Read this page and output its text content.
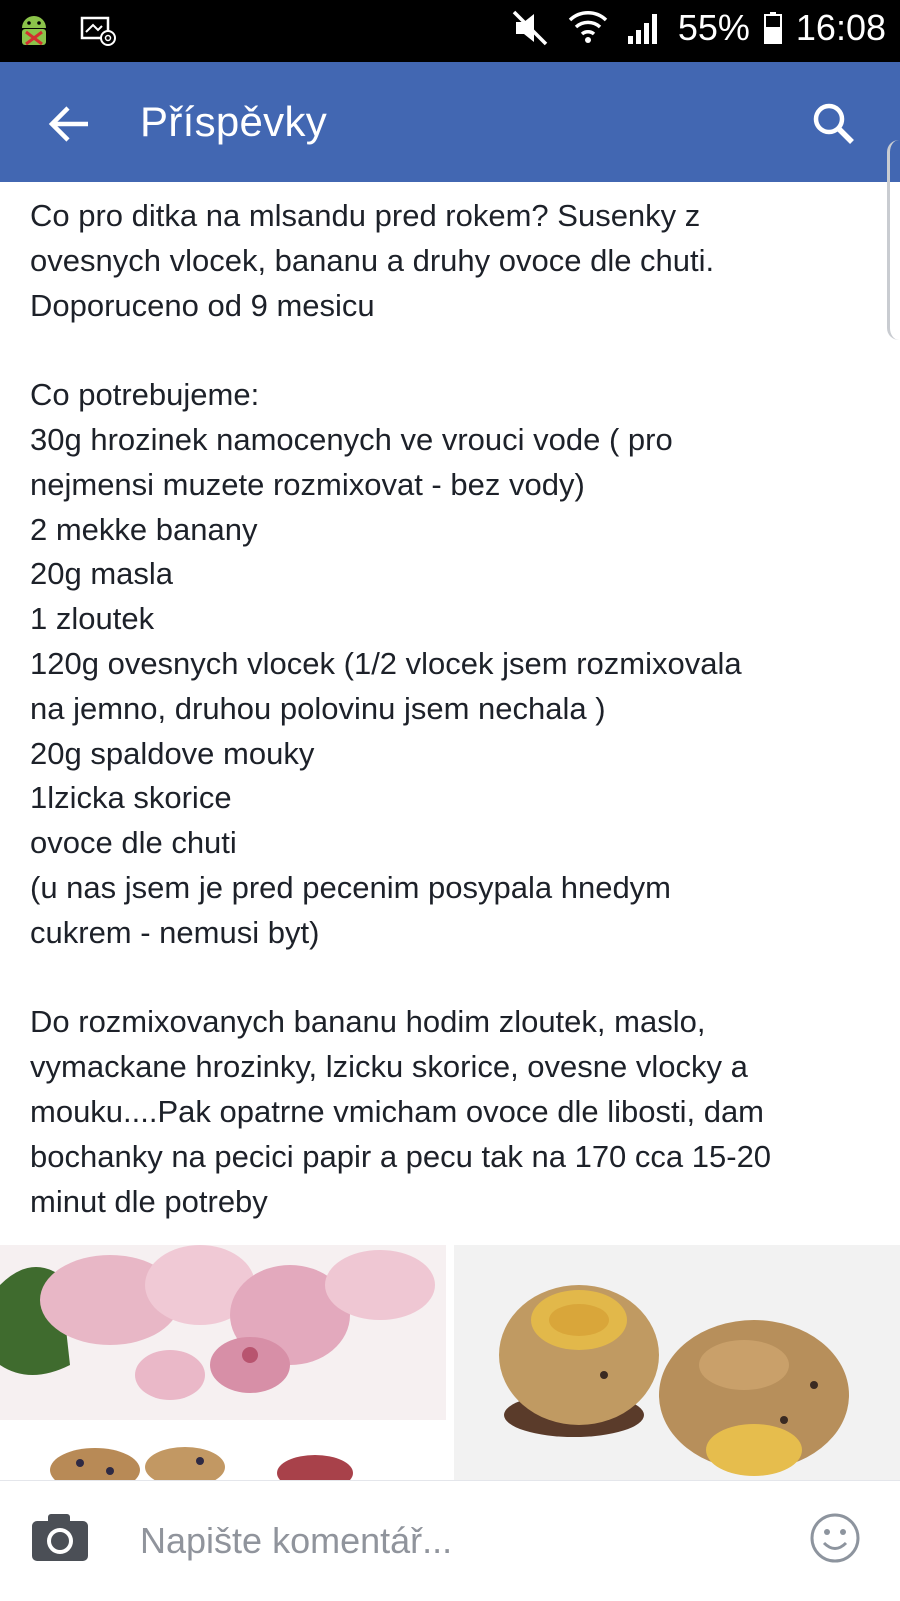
55% 16:08
Příspěvky

Co pro ditka na mlsandu pred rokem? Susenky z
ovesnych vlocek, bananu a druhy ovoce dle chuti.
Doporuceno od 9 mesicu

Co potrebujeme:
30g hrozinek namocenych ve vrouci vode ( pro
nejmensi muzete rozmixovat - bez vody)
2 mekke banany
20g masla
1 zloutek
120g ovesnych vlocek (1/2 vlocek jsem rozmixovala
na jemno, druhou polovinu jsem nechala )
20g spaldove mouky
1lzicka skorice
ovoce dle chuti
(u nas jsem je pred pecenim posypala hnedym
cukrem - nemusi byt)

Do rozmixovanych bananu hodim zloutek, maslo,
vymackane hrozinky, lzicku skorice, ovesne vlocky a
mouku....Pak opatrne vmicham ovoce dle libosti, dam
bochanky na pecici papir a pecu tak na 170 cca 15-20
minut dle potreby

Napište komentář...
